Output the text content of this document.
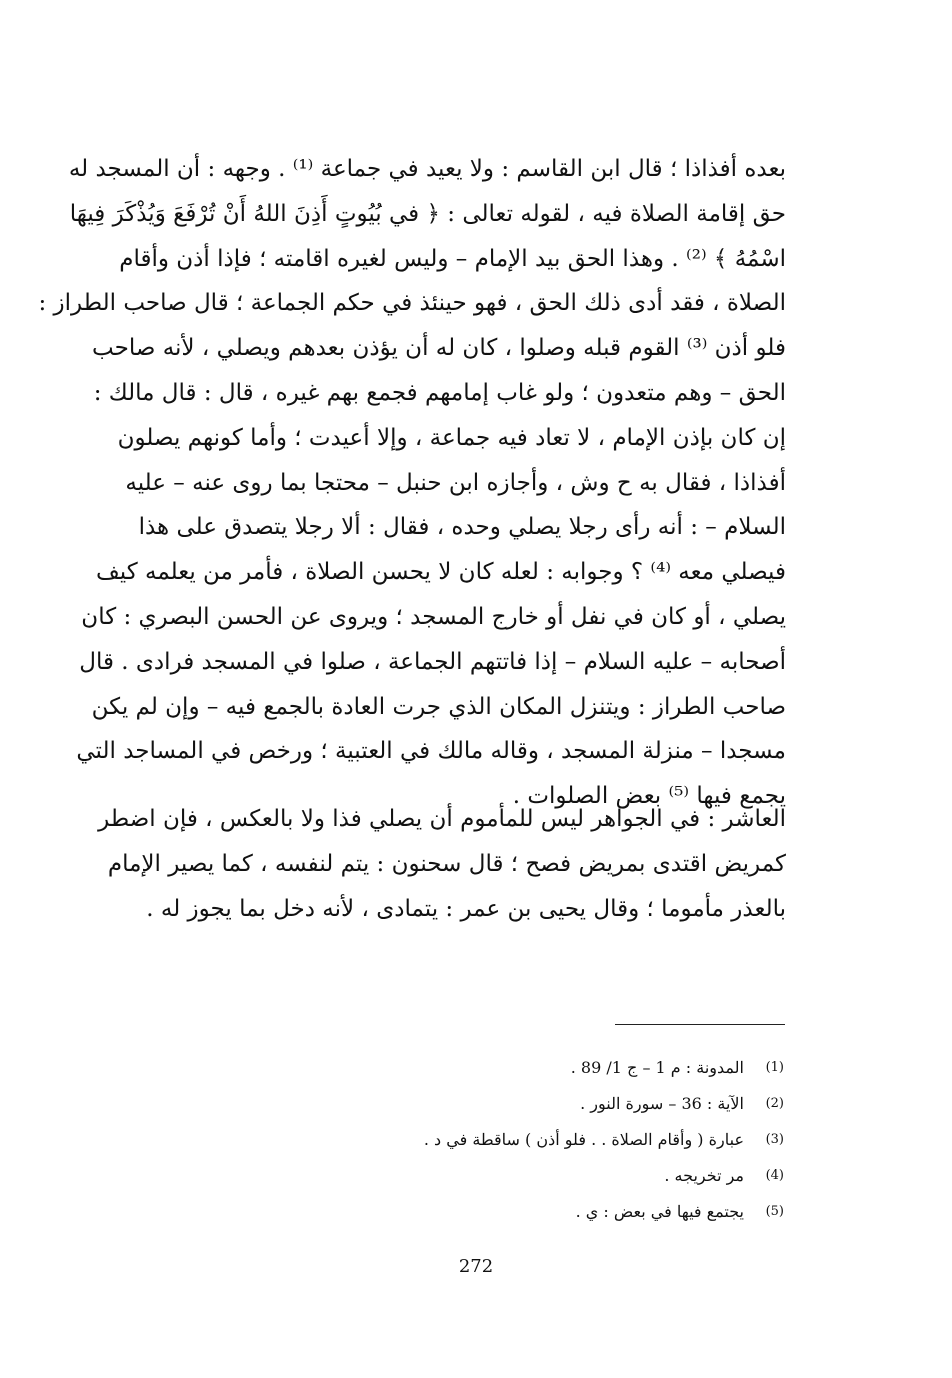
بعده أفذاذا ؛ قال ابن القاسم : ولا يعيد في جماعة ⁽¹⁾ . وجهه : أن المسجد له
حق إقامة الصلاة فيه ، لقوله تعالى : ﴿ في بُيُوتٍ أَذِنَ اللهُ أَنْ تُرْفَعَ وَيُذْكَرَ فِيهَا
اسْمُهُ ﴾ ⁽²⁾ . وهذا الحق بيد الإمام – وليس لغيره اقامته ؛ فإذا أذن وأقام
الصلاة ، فقد أدى ذلك الحق ، فهو حينئذ في حكم الجماعة ؛ قال صاحب الطراز :
فلو أذن ⁽³⁾ القوم قبله وصلوا ، كان له أن يؤذن بعدهم ويصلي ، لأنه صاحب
الحق – وهم متعدون ؛ ولو غاب إمامهم فجمع بهم غيره ، قال : قال مالك :
إن كان بإذن الإمام ، لا تعاد فيه جماعة ، وإلا أعيدت ؛ وأما كونهم يصلون
أفذاذا ، فقال به ح وش ، وأجازه ابن حنبل – محتجا بما روى عنه – عليه
السلام – : أنه رأى رجلا يصلي وحده ، فقال : ألا رجلا يتصدق على هذا
فيصلي معه ⁽⁴⁾ ؟ وجوابه : لعله كان لا يحسن الصلاة ، فأمر من يعلمه كيف
يصلي ، أو كان في نفل أو خارج المسجد ؛ ويروى عن الحسن البصري : كان
أصحابه – عليه السلام – إذا فاتتهم الجماعة ، صلوا في المسجد فرادى . قال
صاحب الطراز : ويتنزل المكان الذي جرت العادة بالجمع فيه – وإن لم يكن
مسجدا – منزلة المسجد ، وقاله مالك في العتبية ؛ ورخص في المساجد التي
يجمع فيها ⁽⁵⁾ بعض الصلوات .
العاشر : في الجواهر ليس للمأموم أن يصلي فذا ولا بالعكس ، فإن اضطر
كمريض اقتدى بمريض فصح ؛ قال سحنون : يتم لنفسه ، كما يصير الإمام
بالعذر مأموما ؛ وقال يحيى بن عمر : يتمادى ، لأنه دخل بما يجوز له .
(1)
المدونة : م 1 – ج 1/ 89 .
(2)
الآية : 36 – سورة النور .
(3)
عبارة ( وأقام الصلاة . . فلو أذن ) ساقطة في د .
(4)
مر تخريجه .
(5)
يجتمع فيها في بعض : ي .
272
